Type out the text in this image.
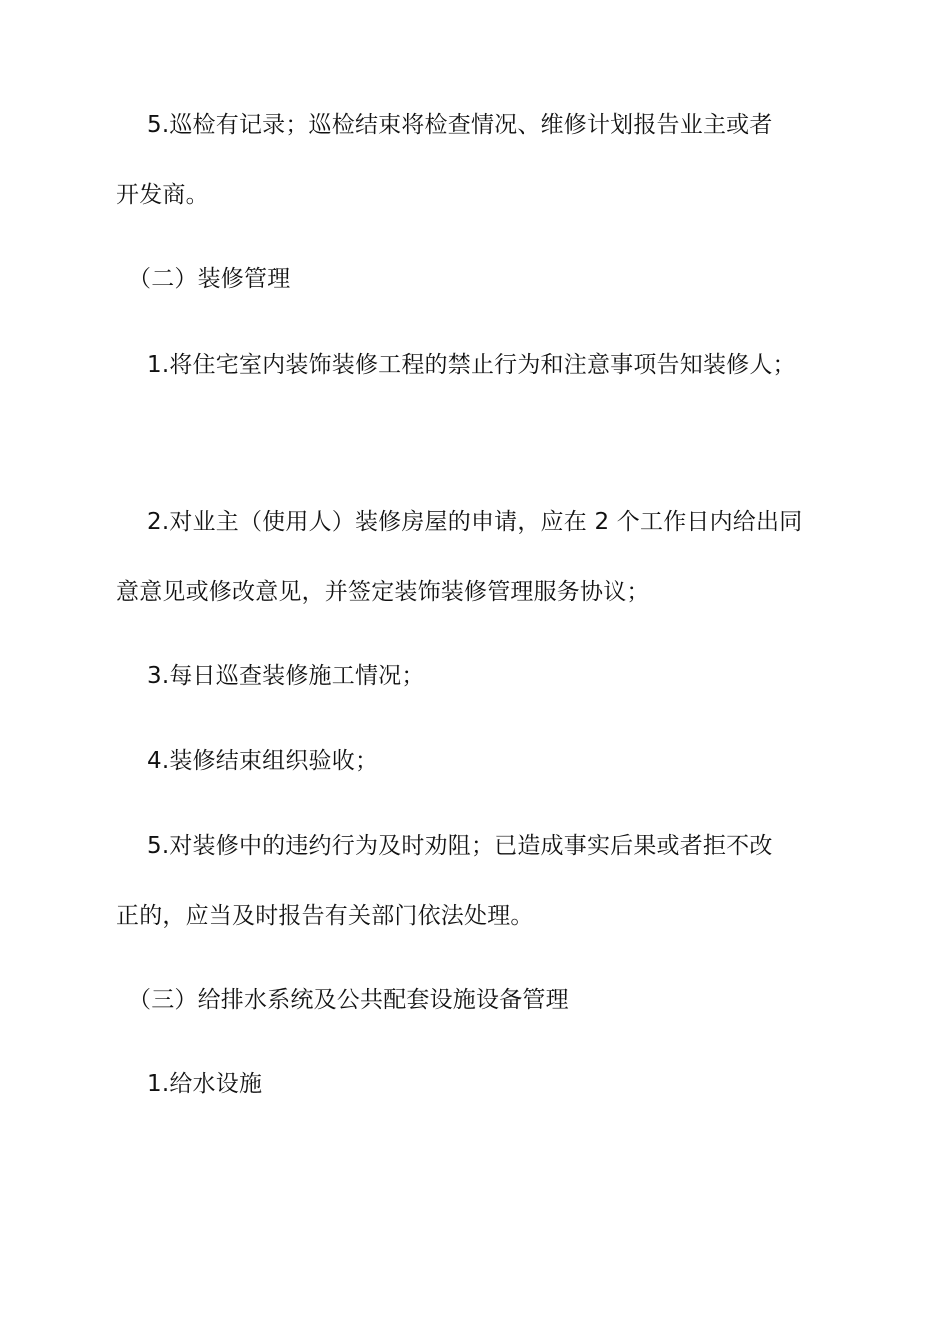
5.巡检有记录；巡检结束将检查情况、维修计划报告业主或者
开发商。
（二）装修管理
1.将住宅室内装饰装修工程的禁止行为和注意事项告知装修人；
2.对业主（使用人）装修房屋的申请，应在 2 个工作日内给出同
意意见或修改意见，并签定装饰装修管理服务协议；
3.每日巡查装修施工情况；
4.装修结束组织验收；
5.对装修中的违约行为及时劝阻；已造成事实后果或者拒不改
正的，应当及时报告有关部门依法处理。
（三）给排水系统及公共配套设施设备管理
1.给水设施
